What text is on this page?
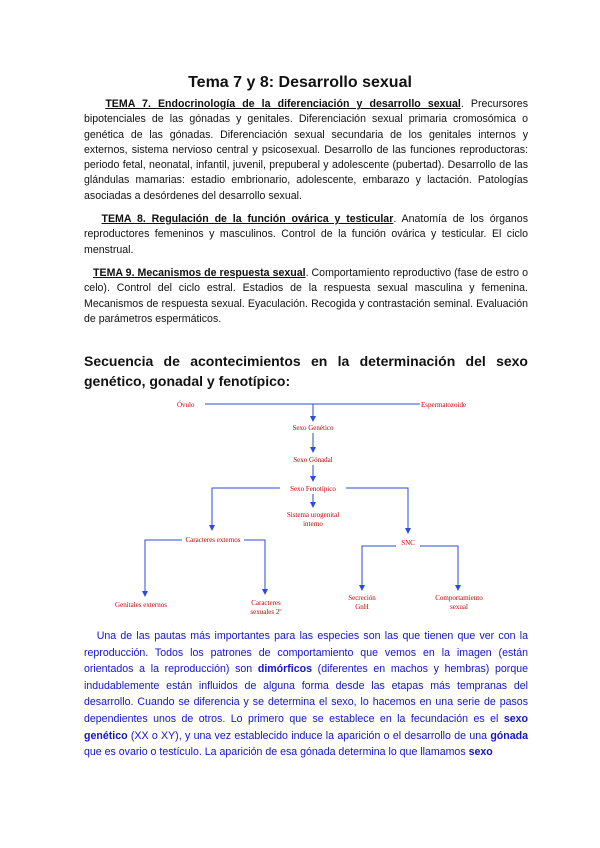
Tema 7 y 8: Desarrollo sexual
TEMA 7. Endocrinología de la diferenciación y desarrollo sexual. Precursores bipotenciales de las gónadas y genitales. Diferenciación sexual primaria cromosómica o genética de las gónadas. Diferenciación sexual secundaria de los genitales internos y externos, sistema nervioso central y psicosexual. Desarrollo de las funciones reproductoras: periodo fetal, neonatal, infantil, juvenil, prepuberal y adolescente (pubertad). Desarrollo de las glándulas mamarias: estadio embrionario, adolescente, embarazo y lactación. Patologías asociadas a desórdenes del desarrollo sexual.
TEMA 8. Regulación de la función ovárica y testicular. Anatomía de los órganos reproductores femeninos y masculinos. Control de la función ovárica y testicular. El ciclo menstrual.
TEMA 9. Mecanismos de respuesta sexual. Comportamiento reproductivo (fase de estro o celo). Control del ciclo estral. Estadios de la respuesta sexual masculina y femenina. Mecanismos de respuesta sexual. Eyaculación. Recogida y contrastación seminal. Evaluación de parámetros espermáticos.
Secuencia de acontecimientos en la determinación del sexo genético, gonadal y fenotípico:
Óvulo	Espermatozoide
Sexo Genético
Sexo Gónadal
Sexo Fenotípico
Sistema urogenital
interno
Caracteres externos	SNC
Genitales externos	Caracteres
sexuales 2º
Secreción
GnH
Comportamiento
sexual
Una de las pautas más importantes para las especies son las que tienen que ver con la reproducción. Todos los patrones de comportamiento que vemos en la imagen (están orientados a la reproducción) son dimórficos (diferentes en machos y hembras) porque indudablemente están influidos de alguna forma desde las etapas más tempranas del desarrollo. Cuando se diferencia y se determina el sexo, lo hacemos en una serie de pasos dependientes unos de otros. Lo primero que se establece en la fecundación es el sexo genético (XX o XY), y una vez establecido induce la aparición o el desarrollo de una gónada que es ovario o testículo. La aparición de esa gónada determina lo que llamamos sexo
